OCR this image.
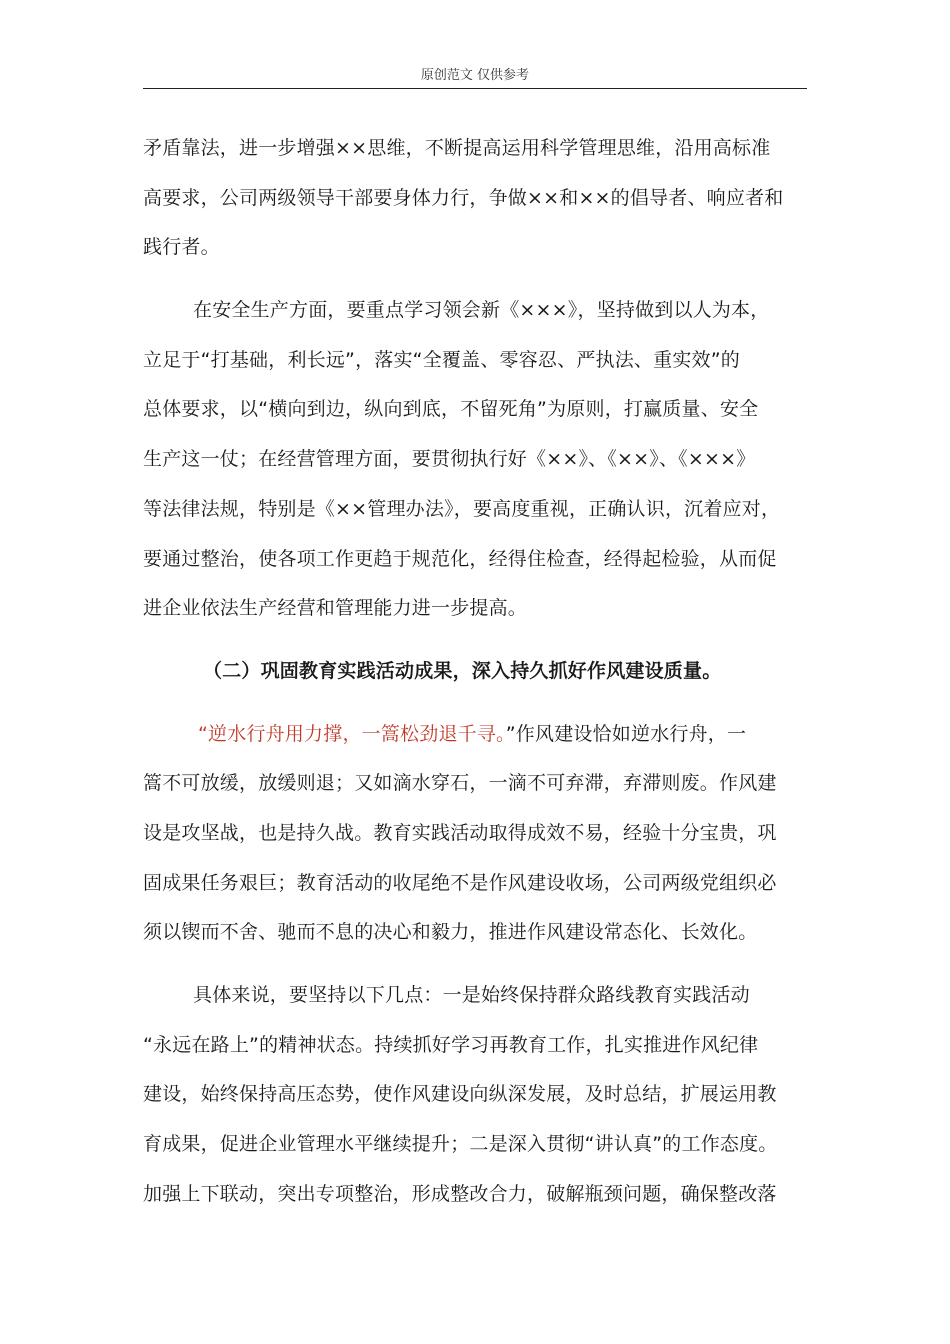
原创范文 仅供参考
矛盾靠法，进一步增强××思维，不断提高运用科学管理思维，沿用高标准
高要求，公司两级领导干部要身体力行，争做××和××的倡导者、响应者和
践行者。
在安全生产方面，要重点学习领会新《×××》，坚持做到以人为本，
立足于“打基础，利长远”，落实“全覆盖、零容忍、严执法、重实效”的
总体要求，以“横向到边，纵向到底，不留死角”为原则，打赢质量、安全
生产这一仗；在经营管理方面，要贯彻执行好《××》、《××》、《×××》
等法律法规，特别是《××管理办法》，要高度重视，正确认识，沉着应对，
要通过整治，使各项工作更趋于规范化，经得住检查，经得起检验，从而促
进企业依法生产经营和管理能力进一步提高。
（二）巩固教育实践活动成果，深入持久抓好作风建设质量。
“逆水行舟用力撑，一篙松劲退千寻。”作风建设恰如逆水行舟，一
篙不可放缓，放缓则退；又如滴水穿石，一滴不可弃滞，弃滞则废。作风建
设是攻坚战，也是持久战。教育实践活动取得成效不易，经验十分宝贵，巩
固成果任务艰巨；教育活动的收尾绝不是作风建设收场，公司两级党组织必
须以锲而不舍、驰而不息的决心和毅力，推进作风建设常态化、长效化。
具体来说，要坚持以下几点：一是始终保持群众路线教育实践活动
“永远在路上”的精神状态。持续抓好学习再教育工作，扎实推进作风纪律
建设，始终保持高压态势，使作风建设向纵深发展，及时总结，扩展运用教
育成果，促进企业管理水平继续提升；二是深入贯彻“讲认真”的工作态度。
加强上下联动，突出专项整治，形成整改合力，破解瓶颈问题，确保整改落
